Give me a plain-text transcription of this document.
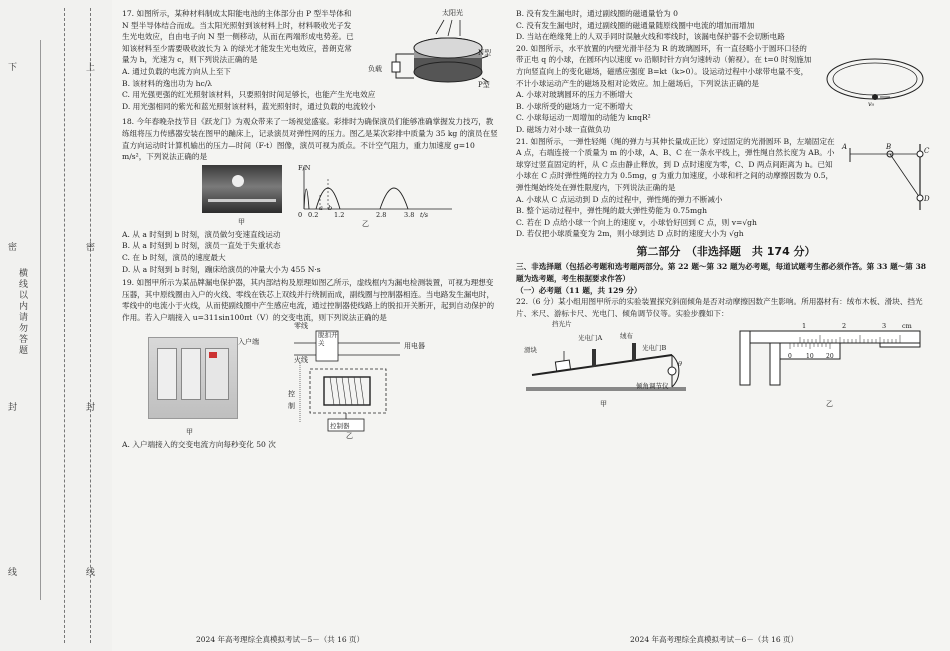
下	上
密	密
封	封
线	线
横线以内请勿答题

17. 如图所示，某种材料制成太阳能电池的主体部分由 P 型半导体和 N 型半导体结合而成。当太阳光照射到该材料上时，材料吸收光子发生光电效应，自由电子向 N 型一侧移动，从而在两端形成电势差。已知该材料至少需要吸收波长为 λ 的绿光才能发生光电效应，普朗克常量为 h，光速为 c，则下列说法正确的是

A. 通过负载的电流方向从上至下

B. 该材料的逸出功为 hc/λ

C. 用光强更强的红光照射该材料，只要照射时间足够长，也能产生光电效应

D. 用光强相同的紫光和蓝光照射该材料，蓝光照射时，通过负载的电流较小

太阳光
负载
N型
P型

18. 今年春晚杂技节目《跃龙门》为观众带来了一场视觉盛宴。彩排时为确保演员们能够准确掌握发力技巧，教练组将压力传感器安装在图甲的蹦床上，记录演员对弹性网的压力。图乙是某次彩排中质量为 35 kg 的演员在竖直方向运动时计算机输出的压力—时间（F-t）图像，演员可视为质点。不计空气阻力，重力加速度 g=10 m/s²，下列说法正确的是

甲
F/N
0 0.2
a b
1.2	2.8	3.8 t/s
乙

A. 从 a 时刻到 b 时刻，演员做匀变速直线运动

B. 从 a 时刻到 b 时刻，演员一直处于失重状态

C. 在 b 时刻，演员的速度最大

D. 从 a 时刻到 b 时刻，蹦床给演员的冲量大小为 455 N·s

19. 如图甲所示为某品牌漏电保护器，其内部结构及原理如图乙所示，虚线框内为漏电检测装置，可视为理想变压器，其中原线圈由入户的火线、零线在铁芯上双线并行绕制而成，副线圈与控制器相连。当电路发生漏电时，零线中的电流小于火线，从而使副线圈中产生感应电流，通过控制器使线路上的脱扣开关断开，起到自动保护的作用。若入户端接入 u=311sin100πt（V）的交变电流，则下列说法正确的是

甲
零线
入户端
火线
脱扣开关	用电器
控制
控制器
乙

A. 入户端接入的交变电流方向每秒变化 50 次

2024 年高考理综全真模拟考试－5－（共 16 页）

B. 没有发生漏电时，通过副线圈的磁通量恰为 0

C. 没有发生漏电时，通过副线圈的磁通量随原线圈中电流的增加而增加

D. 当站在绝缘凳上的人双手同时误触火线和零线时，该漏电保护器不会切断电路

20. 如图所示，水平放置的内壁光滑半径为 R 的玻璃圆环，有一直径略小于圆环口径的带正电 q 的小球，在圆环内以速度 v₀ 沿顺时针方向匀速转动（俯视）。在 t=0 时刻施加方向竖直向上的变化磁场，磁感应强度 B=kt（k>0）。设运动过程中小球带电量不变，不计小球运动产生的磁场及相对论效应。加上磁场后，下列说法正确的是

A. 小球对玻璃圆环的压力不断增大

B. 小球所受的磁场力一定不断增大

C. 小球每运动一周增加的动能为 kπqR²

D. 磁场力对小球一直做负功

v₀

21. 如图所示，一弹性轻绳（绳的弹力与其伸长量成正比）穿过固定的光滑圆环 B，左端固定在 A 点，右端连接一个质量为 m 的小球，A、B、C 在一条水平线上，弹性绳自然长度为 AB。小球穿过竖直固定的杆，从 C 点由静止释放，到 D 点时速度为零，C、D 两点间距离为 h。已知小球在 C 点时弹性绳的拉力为 0.5mg，g 为重力加速度，小球和杆之间的动摩擦因数为 0.5，弹性绳始终处在弹性限度内，下列说法正确的是

A. 小球从 C 点运动到 D 点的过程中，弹性绳的弹力不断减小

B. 整个运动过程中，弹性绳的最大弹性势能为 0.75mgh

C. 若在 D 点给小球一个向上的速度 v，小球恰好回到 C 点，则 v=√gh

D. 若仅把小球质量变为 2m，则小球到达 D 点时的速度大小为 √gh

A	B	C
D
第二部分　（非选择题　共 174 分）

三、非选择题（包括必考题和选考题两部分。第 22 题～第 32 题为必考题，每道试题考生都必须作答。第 33 题～第 38 题为选考题，考生根据要求作答）

（一）必考题（11 题，共 129 分）

22.（6 分）某小组用图甲所示的实验装置探究斜面倾角是否对动摩擦因数产生影响。所用器材有：绒布木板、滑块、挡光片、米尺、游标卡尺、光电门、倾角调节仪等。实验步骤如下：

挡光片
光电门A
滑块
绒布
光电门B
θ
倾角调节仪
甲
1	2	3 cm
0 10 20
乙
2024 年高考理综全真模拟考试－6－（共 16 页）
